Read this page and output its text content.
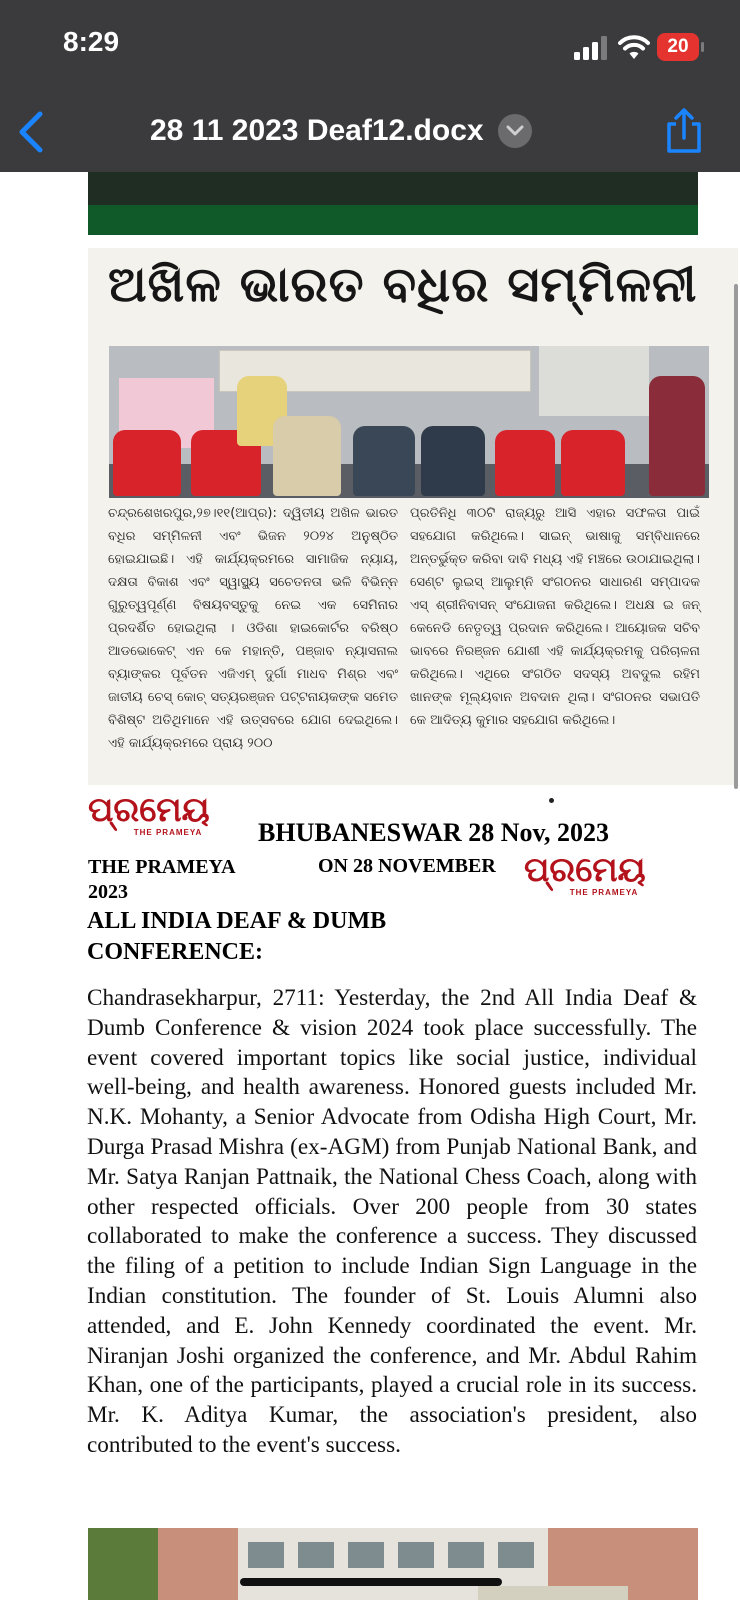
ଅଖିଳ ଭାରତ ବଧିର ସମ୍ମିଳନୀ
ଚନ୍ଦ୍ରଶେଖରପୁର,୨୭।୧୧(ଆପ୍ର): ଦ୍ୱିତୀୟ ଅଖିଳ ଭାରତ ବଧିର ସମ୍ମିଳନୀ ଏବଂ ଭିଜନ ୨୦୨୪ ଅନୁଷ୍ଠିତ ହୋଇଯାଇଛି। ଏହି କାର୍ଯ୍ୟକ୍ରମରେ ସାମାଜିକ ନ୍ୟାୟ, ଦକ୍ଷତା ବିକାଶ ଏବଂ ସ୍ୱାସ୍ଥ୍ୟ ସଚେତନତା ଭଳି ବିଭିନ୍ନ ଗୁରୁତ୍ୱପୂର୍ଣ୍ଣ ବିଷୟବସ୍ତୁକୁ ନେଇ ଏକ ସେମିନାର ପ୍ରଦର୍ଶିତ ହୋଇଥିଲା । ଓଡିଶା ହାଇକୋର୍ଟର ବରିଷ୍ଠ ଆଡଭୋକେଟ୍ ଏନ କେ ମହାନ୍ତି, ପଞ୍ଜାବ ନ୍ୟାସନାଲ ବ୍ୟାଙ୍କର ପୂର୍ବତନ ଏଜିଏମ୍ ଦୁର୍ଗା ମାଧବ ମିଶ୍ର ଏବଂ ଜାତୀୟ ଚେସ୍ କୋଚ୍ ସତ୍ୟରଞ୍ଜନ ପଟ୍ଟନାୟକଙ୍କ ସମେତ ବିଶିଷ୍ଟ ଅତିଥିମାନେ ଏହି ଉତ୍ସବରେ ଯୋଗ ଦେଇଥିଲେ। ଏହି କାର୍ଯ୍ୟକ୍ରମରେ ପ୍ରାୟ ୨୦୦
ପ୍ରତିନିଧି ୩୦ଟି ରାଜ୍ୟରୁ ଆସି ଏହାର ସଫଳତା ପାଇଁ ସହଯୋଗ କରିଥିଲେ। ସାଇନ୍ ଭାଷାକୁ ସମ୍ବିଧାନରେ ଅନ୍ତର୍ଭୁକ୍ତ କରିବା ଦାବି ମଧ୍ୟ ଏହି ମଞ୍ଚରେ ଉଠାଯାଇଥିଲା। ସେଣ୍ଟ ଲୁଇସ୍ ଆଲୁମ୍ନି ସଂଗଠନର ସାଧାରଣ ସମ୍ପାଦକ ଏସ୍ ଶ୍ରୀନିବାସନ୍ ସଂଯୋଜନା କରିଥିଲେ। ଅଧକ୍ଷ ଇ ଜନ୍ କେନେଡି ନେତୃତ୍ୱ ପ୍ରଦାନ କରିଥିଲେ। ଆୟୋଜକ ସଚିବ ଭାବରେ ନିରଞ୍ଜନ ଯୋଶୀ ଏହି କାର୍ଯ୍ୟକ୍ରମକୁ ପରିଚାଳନା କରିଥିଲେ। ଏଥିରେ ସଂଗଠିତ ସଦସ୍ୟ ଅବଦୁଲ ରହିମ ଖାନଙ୍କ ମୂଲ୍ୟବାନ ଅବଦାନ ଥିଲା। ସଂଗଠନର ସଭାପତି କେ ଆଦିତ୍ୟ କୁମାର ସହଯୋଗ କରିଥିଲେ।
ପ୍ରମେୟ
THE PRAMEYA	BHUBANESWAR 28 Nov, 2023
THE PRAMEYA
2023
ON 28 NOVEMBER ପ୍ରମେୟ
THE PRAMEYA
ALL INDIA DEAF & DUMB CONFERENCE:
Chandrasekharpur, 2711: Yesterday, the 2nd All India Deaf & Dumb Conference & vision 2024 took place successfully. The event covered important topics like social justice, individual well-being, and health awareness. Honored guests included Mr. N.K. Mohanty, a Senior Advocate from Odisha High Court, Mr. Durga Prasad Mishra (ex-AGM) from Punjab National Bank, and Mr. Satya Ranjan Pattnaik, the National Chess Coach, along with other respected officials. Over 200 people from 30 states collaborated to make the conference a success. They discussed the filing of a petition to include Indian Sign Language in the Indian constitution. The founder of St. Louis Alumni also attended, and E. John Kennedy coordinated the event. Mr. Niranjan Joshi organized the conference, and Mr. Abdul Rahim Khan, one of the participants, played a crucial role in its success. Mr. K. Aditya Kumar, the association's president, also contributed to the event's success.
8:29	20
28 11 2023 Deaf12.docx
